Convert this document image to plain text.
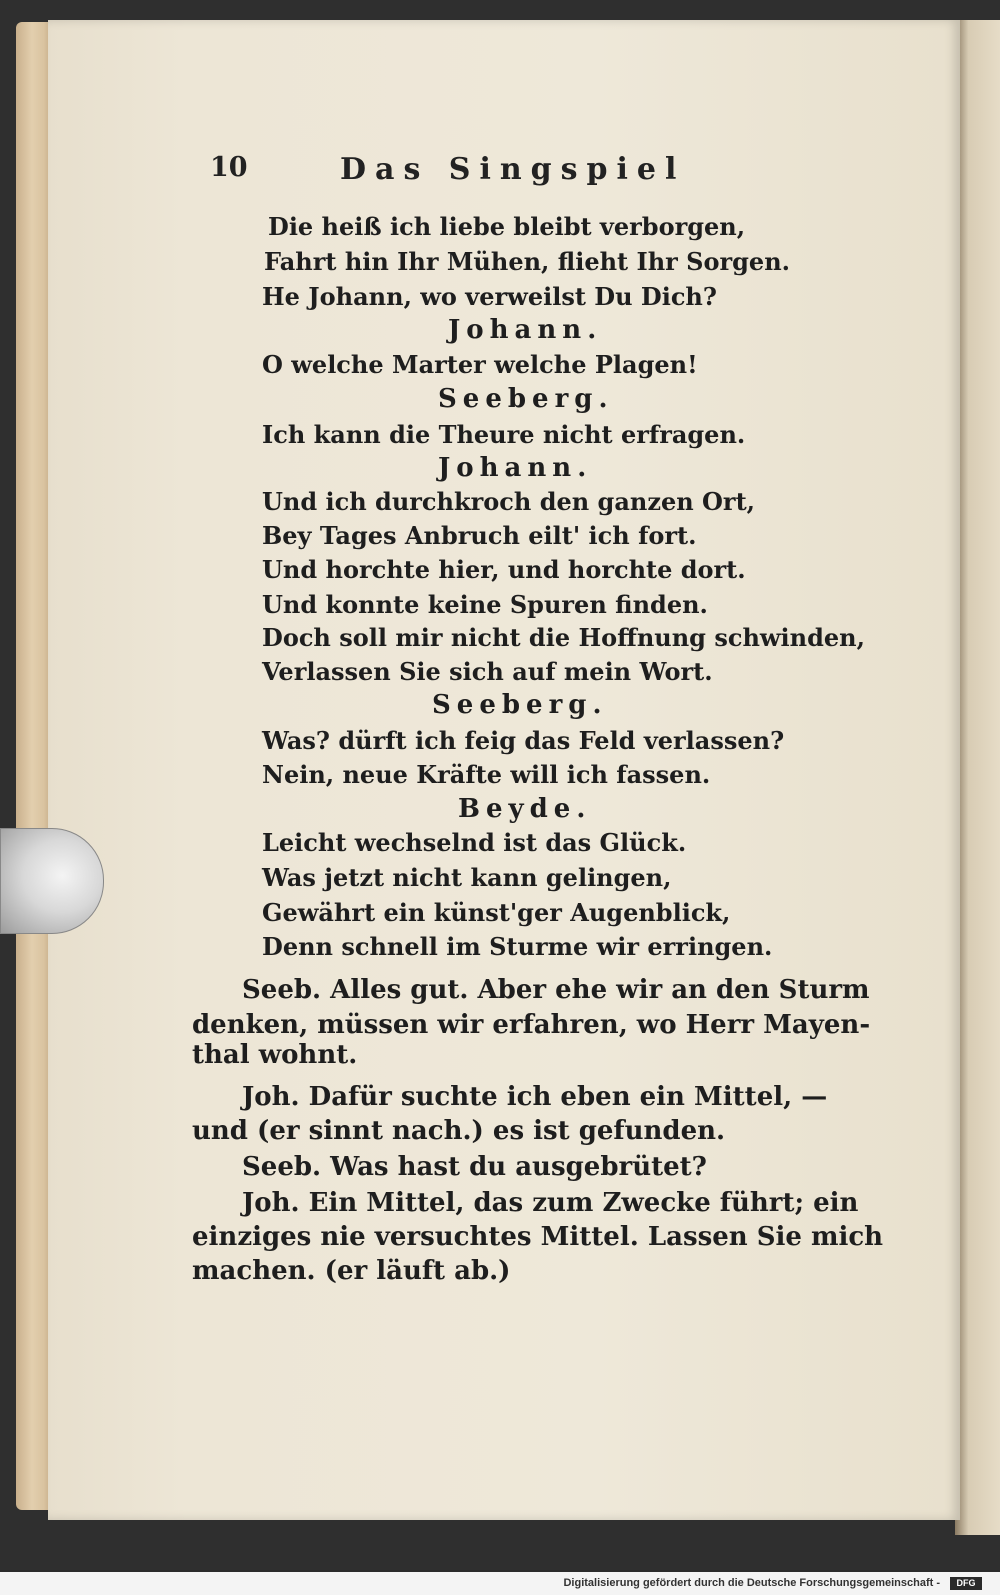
10	Das Singspiel
Die heiß ich liebe bleibt verborgen,
Fahrt hin Ihr Mühen, flieht Ihr Sorgen.
He Johann, wo verweilst Du Dich?
Johann.
O welche Marter welche Plagen!
Seeberg.
Ich kann die Theure nicht erfragen.
Johann.
Und ich durchkroch den ganzen Ort,
Bey Tages Anbruch eilt' ich fort.
Und horchte hier, und horchte dort.
Und konnte keine Spuren finden.
Doch soll mir nicht die Hoffnung schwinden,
Verlassen Sie sich auf mein Wort.
Seeberg.
Was? dürft ich feig das Feld verlassen?
Nein, neue Kräfte will ich fassen.
Beyde.
Leicht wechselnd ist das Glück.
Was jetzt nicht kann gelingen,
Gewährt ein künst'ger Augenblick,
Denn schnell im Sturme wir erringen.
Seeb. Alles gut. Aber ehe wir an den Sturm
denken, müssen wir erfahren, wo Herr Mayen-
thal wohnt.
Joh. Dafür suchte ich eben ein Mittel, —
und (er sinnt nach.) es ist gefunden.
Seeb. Was hast du ausgebrütet?
Joh. Ein Mittel, das zum Zwecke führt; ein
einziges nie versuchtes Mittel. Lassen Sie mich
machen. (er läuft ab.)
Digitalisierung gefördert durch die Deutsche Forschungsgemeinschaft -	DFG
